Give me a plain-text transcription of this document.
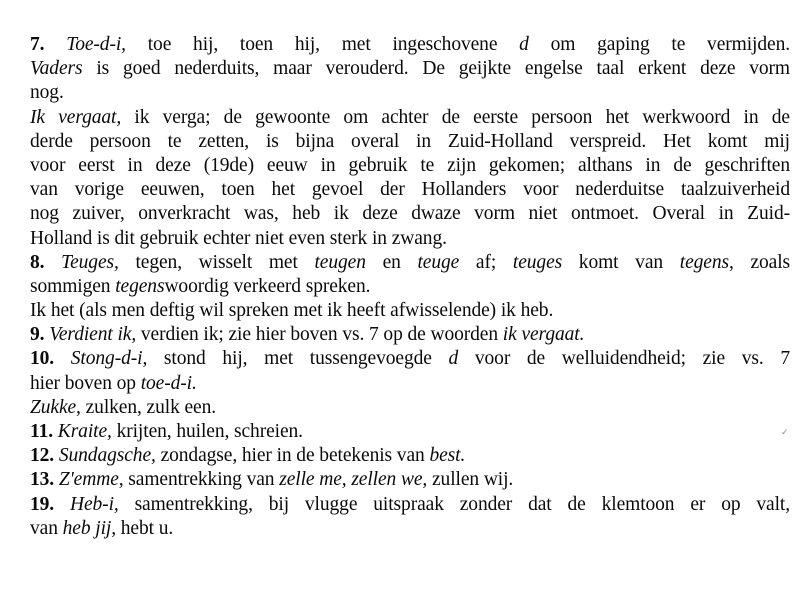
7. Toe-d-i, toe hij, toen hij, met ingeschovene d om gaping te vermijden.
Vaders is goed nederduits, maar verouderd. De geijkte engelse taal erkent deze vorm
nog.
Ik vergaat, ik verga; de gewoonte om achter de eerste persoon het werkwoord in de
derde persoon te zetten, is bijna overal in Zuid-Holland verspreid. Het komt mij
voor eerst in deze (19de) eeuw in gebruik te zijn gekomen; althans in de geschriften
van vorige eeuwen, toen het gevoel der Hollanders voor nederduitse taalzuiverheid
nog zuiver, onverkracht was, heb ik deze dwaze vorm niet ontmoet. Overal in Zuid-
Holland is dit gebruik echter niet even sterk in zwang.
8. Teuges, tegen, wisselt met teugen en teuge af; teuges komt van tegens, zoals
sommigen tegenswoordig verkeerd spreken.
Ik het (als men deftig wil spreken met ik heeft afwisselende) ik heb.
9. Verdient ik, verdien ik; zie hier boven vs. 7 op de woorden ik vergaat.
10. Stong-d-i, stond hij, met tussengevoegde d voor de welluidendheid; zie vs. 7
hier boven op toe-d-i.
Zukke, zulken, zulk een.
11. Kraite, krijten, huilen, schreien.
12. Sundagsche, zondagse, hier in de betekenis van best.
13. Z'emme, samentrekking van zelle me, zellen we, zullen wij.
19. Heb-i, samentrekking, bij vlugge uitspraak zonder dat de klemtoon er op valt,
van heb jij, hebt u.
✓
